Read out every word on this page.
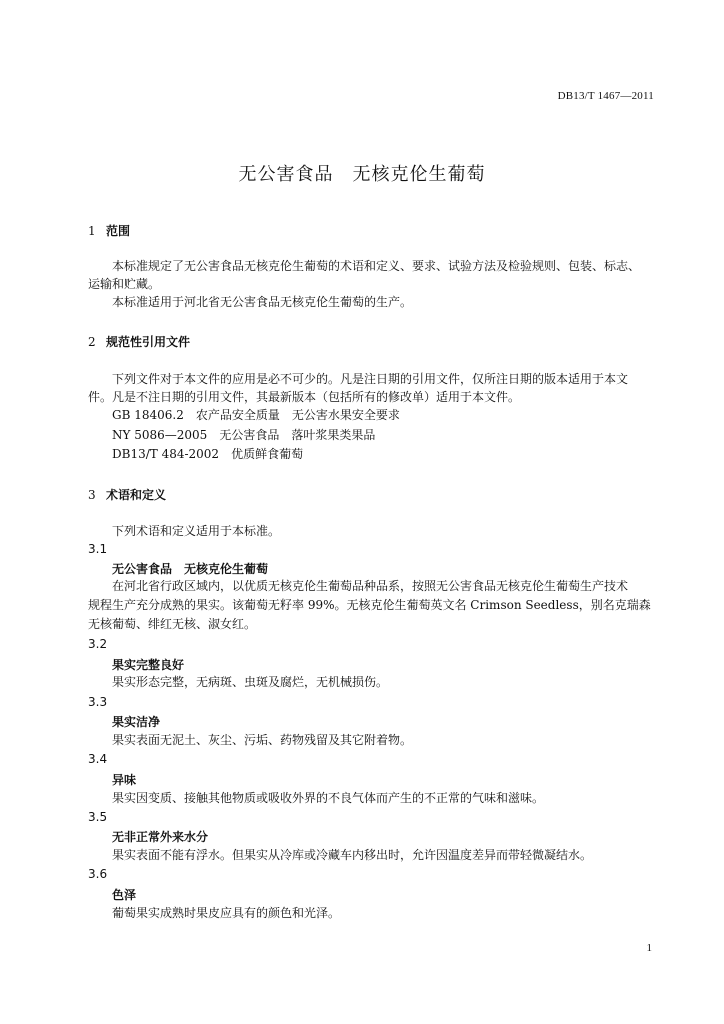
DB13/T 1467—2011
无公害食品　无核克伦生葡萄
1 范围
本标准规定了无公害食品无核克伦生葡萄的术语和定义、要求、试验方法及检验规则、包装、标志、
运输和贮藏。
本标准适用于河北省无公害食品无核克伦生葡萄的生产。
2 规范性引用文件
下列文件对于本文件的应用是必不可少的。凡是注日期的引用文件，仅所注日期的版本适用于本文
件。凡是不注日期的引用文件，其最新版本（包括所有的修改单）适用于本文件。
GB 18406.2　农产品安全质量　无公害水果安全要求
NY 5086—2005　无公害食品　落叶浆果类果品
DB13/T 484-2002　优质鲜食葡萄
3 术语和定义
下列术语和定义适用于本标准。
3.1
无公害食品　无核克伦生葡萄
在河北省行政区域内，以优质无核克伦生葡萄品种品系，按照无公害食品无核克伦生葡萄生产技术
规程生产充分成熟的果实。该葡萄无籽率 99%。无核克伦生葡萄英文名 Crimson Seedless，别名克瑞森
无核葡萄、绯红无核、淑女红。
3.2
果实完整良好
果实形态完整，无病斑、虫斑及腐烂，无机械损伤。
3.3
果实洁净
果实表面无泥土、灰尘、污垢、药物残留及其它附着物。
3.4
异味
果实因变质、接触其他物质或吸收外界的不良气体而产生的不正常的气味和滋味。
3.5
无非正常外来水分
果实表面不能有浮水。但果实从冷库或冷藏车内移出时，允许因温度差异而带轻微凝结水。
3.6
色泽
葡萄果实成熟时果皮应具有的颜色和光泽。
1
